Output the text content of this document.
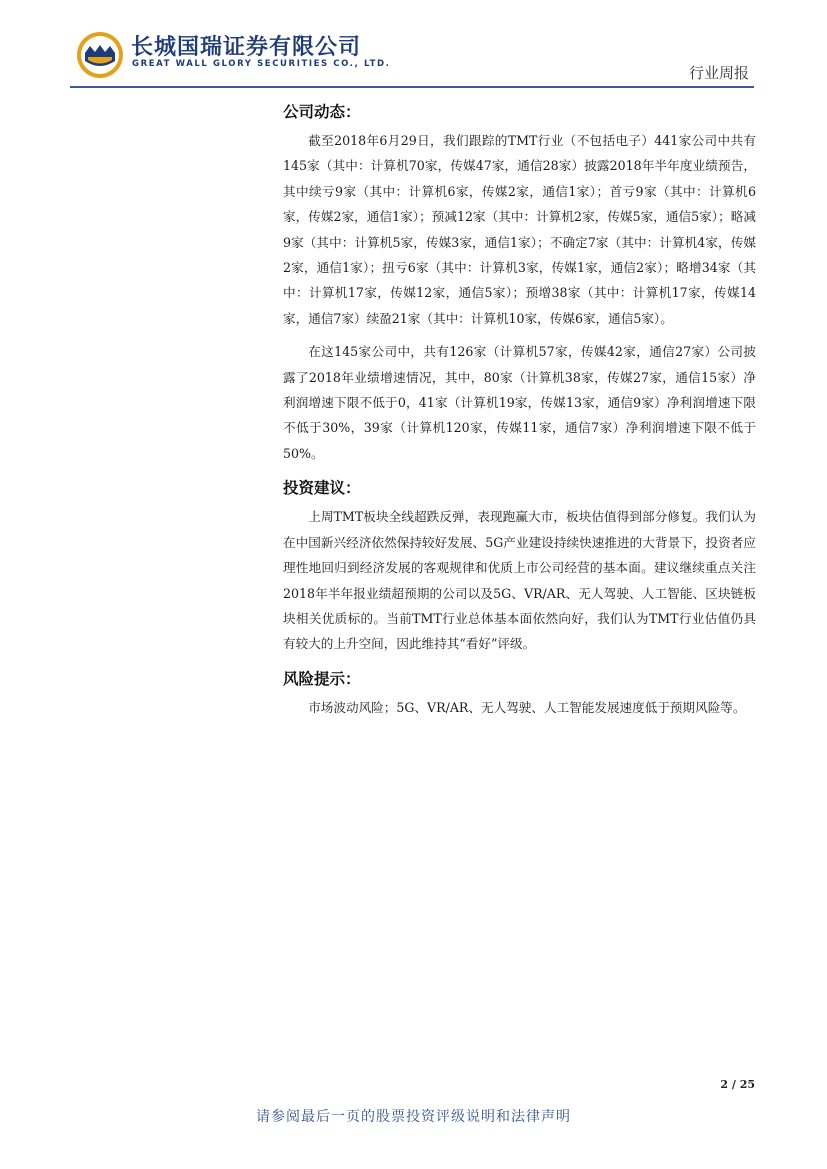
长城国瑞证券有限公司
GREAT WALL GLORY SECURITIES CO., LTD.	行业周报
公司动态：

截至2018年6月29日，我们跟踪的TMT行业（不包括电子）441家公司中共有145家（其中：计算机70家，传媒47家，通信28家）披露2018年半年度业绩预告，其中续亏9家（其中：计算机6家，传媒2家，通信1家）；首亏9家（其中：计算机6家，传媒2家，通信1家）；预减12家（其中：计算机2家，传媒5家，通信5家）；略减9家（其中：计算机5家，传媒3家，通信1家）；不确定7家（其中：计算机4家，传媒2家，通信1家）；扭亏6家（其中：计算机3家，传媒1家，通信2家）；略增34家（其中：计算机17家，传媒12家，通信5家）；预增38家（其中：计算机17家，传媒14家，通信7家）续盈21家（其中：计算机10家，传媒6家，通信5家）。

在这145家公司中，共有126家（计算机57家，传媒42家，通信27家）公司披露了2018年业绩增速情况，其中，80家（计算机38家，传媒27家，通信15家）净利润增速下限不低于0，41家（计算机19家，传媒13家，通信9家）净利润增速下限不低于30%，39家（计算机120家，传媒11家，通信7家）净利润增速下限不低于50%。

投资建议：

上周TMT板块全线超跌反弹，表现跑赢大市，板块估值得到部分修复。我们认为在中国新兴经济依然保持较好发展、5G产业建设持续快速推进的大背景下，投资者应理性地回归到经济发展的客观规律和优质上市公司经营的基本面。建议继续重点关注2018年半年报业绩超预期的公司以及5G、VR/AR、无人驾驶、人工智能、区块链板块相关优质标的。当前TMT行业总体基本面依然向好，我们认为TMT行业估值仍具有较大的上升空间，因此维持其“看好”评级。

风险提示：

市场波动风险；5G、VR/AR、无人驾驶、人工智能发展速度低于预期风险等。

2 / 25
请参阅最后一页的股票投资评级说明和法律声明
